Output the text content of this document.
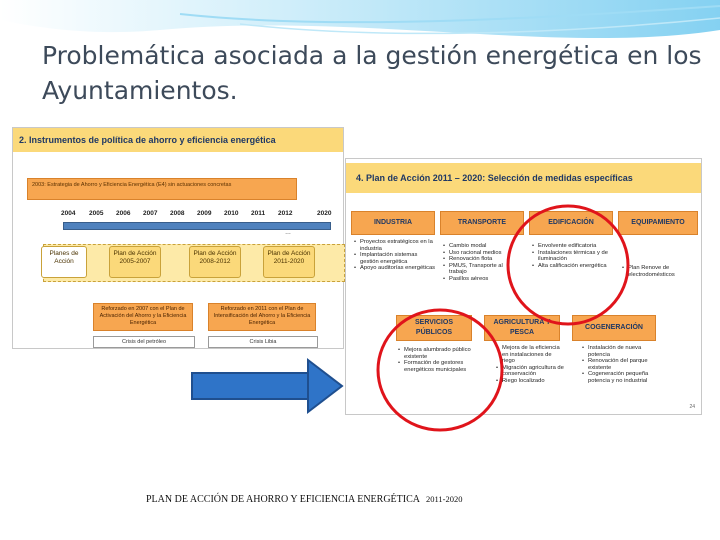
Problemática asociada a la gestión energética en los Ayuntamientos.
2. Instrumentos de política de ahorro y eficiencia energética
2003: Estrategia de Ahorro y Eficiencia Energética (E4) sin actuaciones concretas
2004 2005 2006 2007 2008 2009 2010 2011 2012	2020
…
Planes de Acción
Plan de Acción 2005-2007
Plan de Acción 2008-2012
Plan de Acción 2011-2020
Reforzado en 2007 con el Plan de Activación del Ahorro y la Eficiencia Energética
Reforzado en 2011 con el Plan de Intensificación del Ahorro y la Eficiencia Energética
Crisis del petróleo	Crisis Libia
4. Plan de Acción 2011 – 2020: Selección de medidas específicas
INDUSTRIA	TRANSPORTE	EDIFICACIÓN	EQUIPAMIENTO
• Proyectos estratégicos en la industria
• Implantación sistemas gestión energética
• Apoyo auditorías energéticas
• Cambio modal
• Uso racional medios
• Renovación flota
• PMUS, Transporte al trabajo
• Pasillos aéreos
• Envolvente edificatoria
• Instalaciones térmicas y de iluminación
• Alta calificación energética
•	Plan Renove de electrodomésticos
SERVICIOS PÚBLICOS
AGRICULTURA Y PESCA
COGENERACIÓN
• Mejora alumbrado público existente
• Formación de gestores energéticos municipales
• Mejora de la eficiencia en instalaciones de riego
• Migración agricultura de conservación
• Riego localizado
• Instalación de nueva potencia
• Renovación del parque existente
• Cogeneración pequeña potencia y no industrial
24
PLAN DE ACCIÓN DE AHORRO Y EFICIENCIA ENERGÉTICA 2011-2020
